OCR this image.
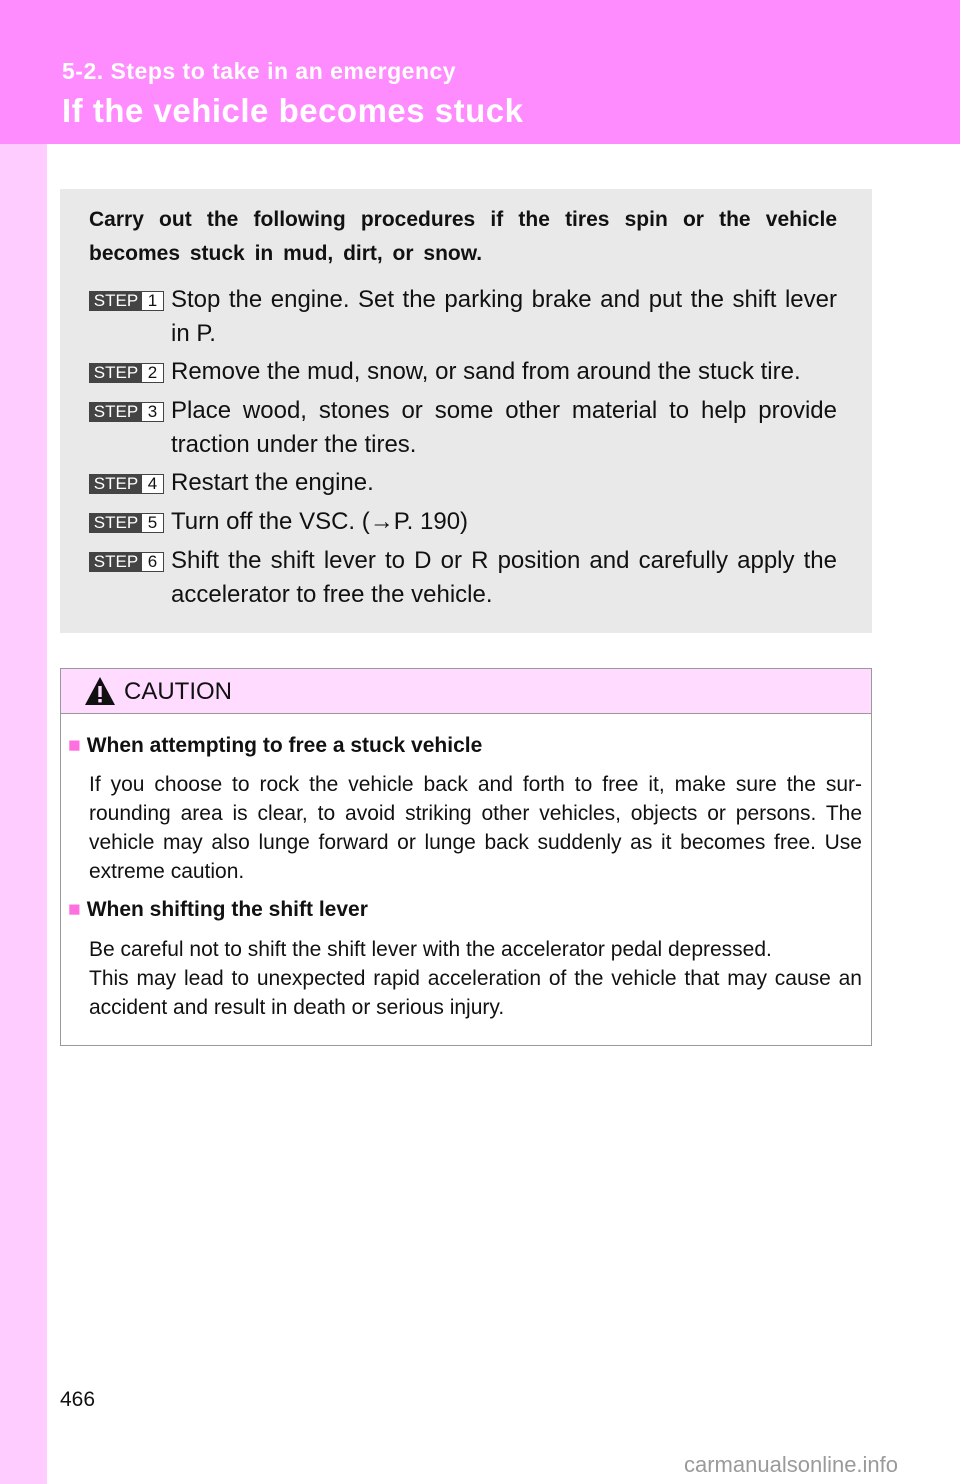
5-2. Steps to take in an emergency
If the vehicle becomes stuck
Carry out the following procedures if the tires spin or the vehicle becomes stuck in mud, dirt, or snow.
STEP 1 Stop the engine. Set the parking brake and put the shift lever in P.
STEP 2 Remove the mud, snow, or sand from around the stuck tire.
STEP 3 Place wood, stones or some other material to help provide traction under the tires.
STEP 4 Restart the engine.
STEP 5 Turn off the VSC. (→P. 190)
STEP 6 Shift the shift lever to D or R position and carefully apply the accelerator to free the vehicle.
CAUTION
■ When attempting to free a stuck vehicle
If you choose to rock the vehicle back and forth to free it, make sure the sur-rounding area is clear, to avoid striking other vehicles, objects or persons. The vehicle may also lunge forward or lunge back suddenly as it becomes free. Use extreme caution.
■ When shifting the shift lever
Be careful not to shift the shift lever with the accelerator pedal depressed.
This may lead to unexpected rapid acceleration of the vehicle that may cause an accident and result in death or serious injury.
466
carmanualsonline.info
